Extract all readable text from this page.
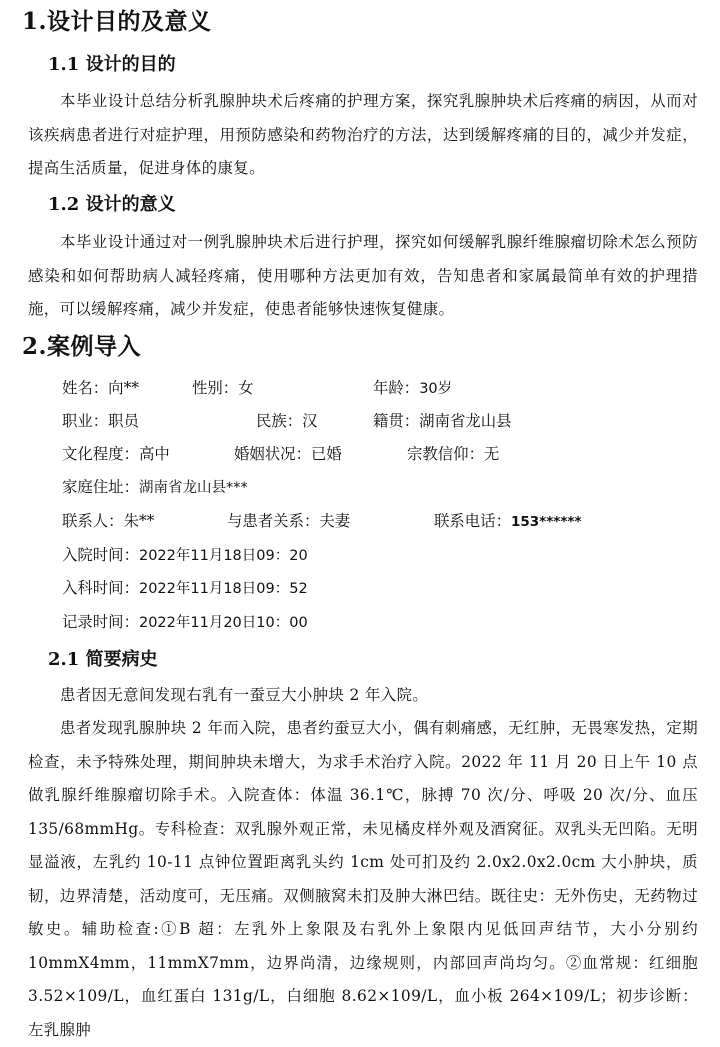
1.设计目的及意义
1.1 设计的目的

本毕业设计总结分析乳腺肿块术后疼痛的护理方案，探究乳腺肿块术后疼痛的病因，从而对该疾病患者进行对症护理，用预防感染和药物治疗的方法，达到缓解疼痛的目的，减少并发症，提高生活质量，促进身体的康复。

1.2 设计的意义

本毕业设计通过对一例乳腺肿块术后进行护理，探究如何缓解乳腺纤维腺瘤切除术怎么预防感染和如何帮助病人减轻疼痛，使用哪种方法更加有效，告知患者和家属最简单有效的护理措施，可以缓解疼痛，减少并发症，使患者能够快速恢复健康。

2.案例导入
姓名：向**	性别：女	年龄：30岁
职业：职员	民族：汉	籍贯：湖南省龙山县
文化程度：高中	婚姻状况：已婚	宗教信仰：无
家庭住址：湖南省龙山县***
联系人：朱**	与患者关系：夫妻	联系电话：153******
入院时间：2022年11月18日09：20
入科时间：2022年11月18日09：52
记录时间：2022年11月20日10：00
2.1 简要病史

患者因无意间发现右乳有一蚕豆大小肿块 2 年入院。

患者发现乳腺肿块 2 年而入院，患者约蚕豆大小，偶有刺痛感，无红肿，无畏寒发热，定期检查，未予特殊处理，期间肿块未增大，为求手术治疗入院。2022 年 11 月 20 日上午 10 点做乳腺纤维腺瘤切除手术。入院查体：体温 36.1℃，脉搏 70 次/分、呼吸 20 次/分、血压 135/68mmHg。专科检查：双乳腺外观正常，未见橘皮样外观及酒窝征。双乳头无凹陷。无明显溢液，左乳约 10-11 点钟位置距离乳头约 1cm 处可扪及约 2.0x2.0x2.0cm 大小肿块，质韧，边界清楚，活动度可，无压痛。双侧腋窝未扪及肿大淋巴结。既往史：无外伤史，无药物过敏史。辅助检查:①B 超：左乳外上象限及右乳外上象限内见低回声结节，大小分别约 10mmX4mm，11mmX7mm，边界尚清，边缘规则，内部回声尚均匀。②血常规：红细胞 3.52×109/L，血红蛋白 131g/L，白细胞 8.62×109/L，血小板 264×109/L；初步诊断：左乳腺肿
